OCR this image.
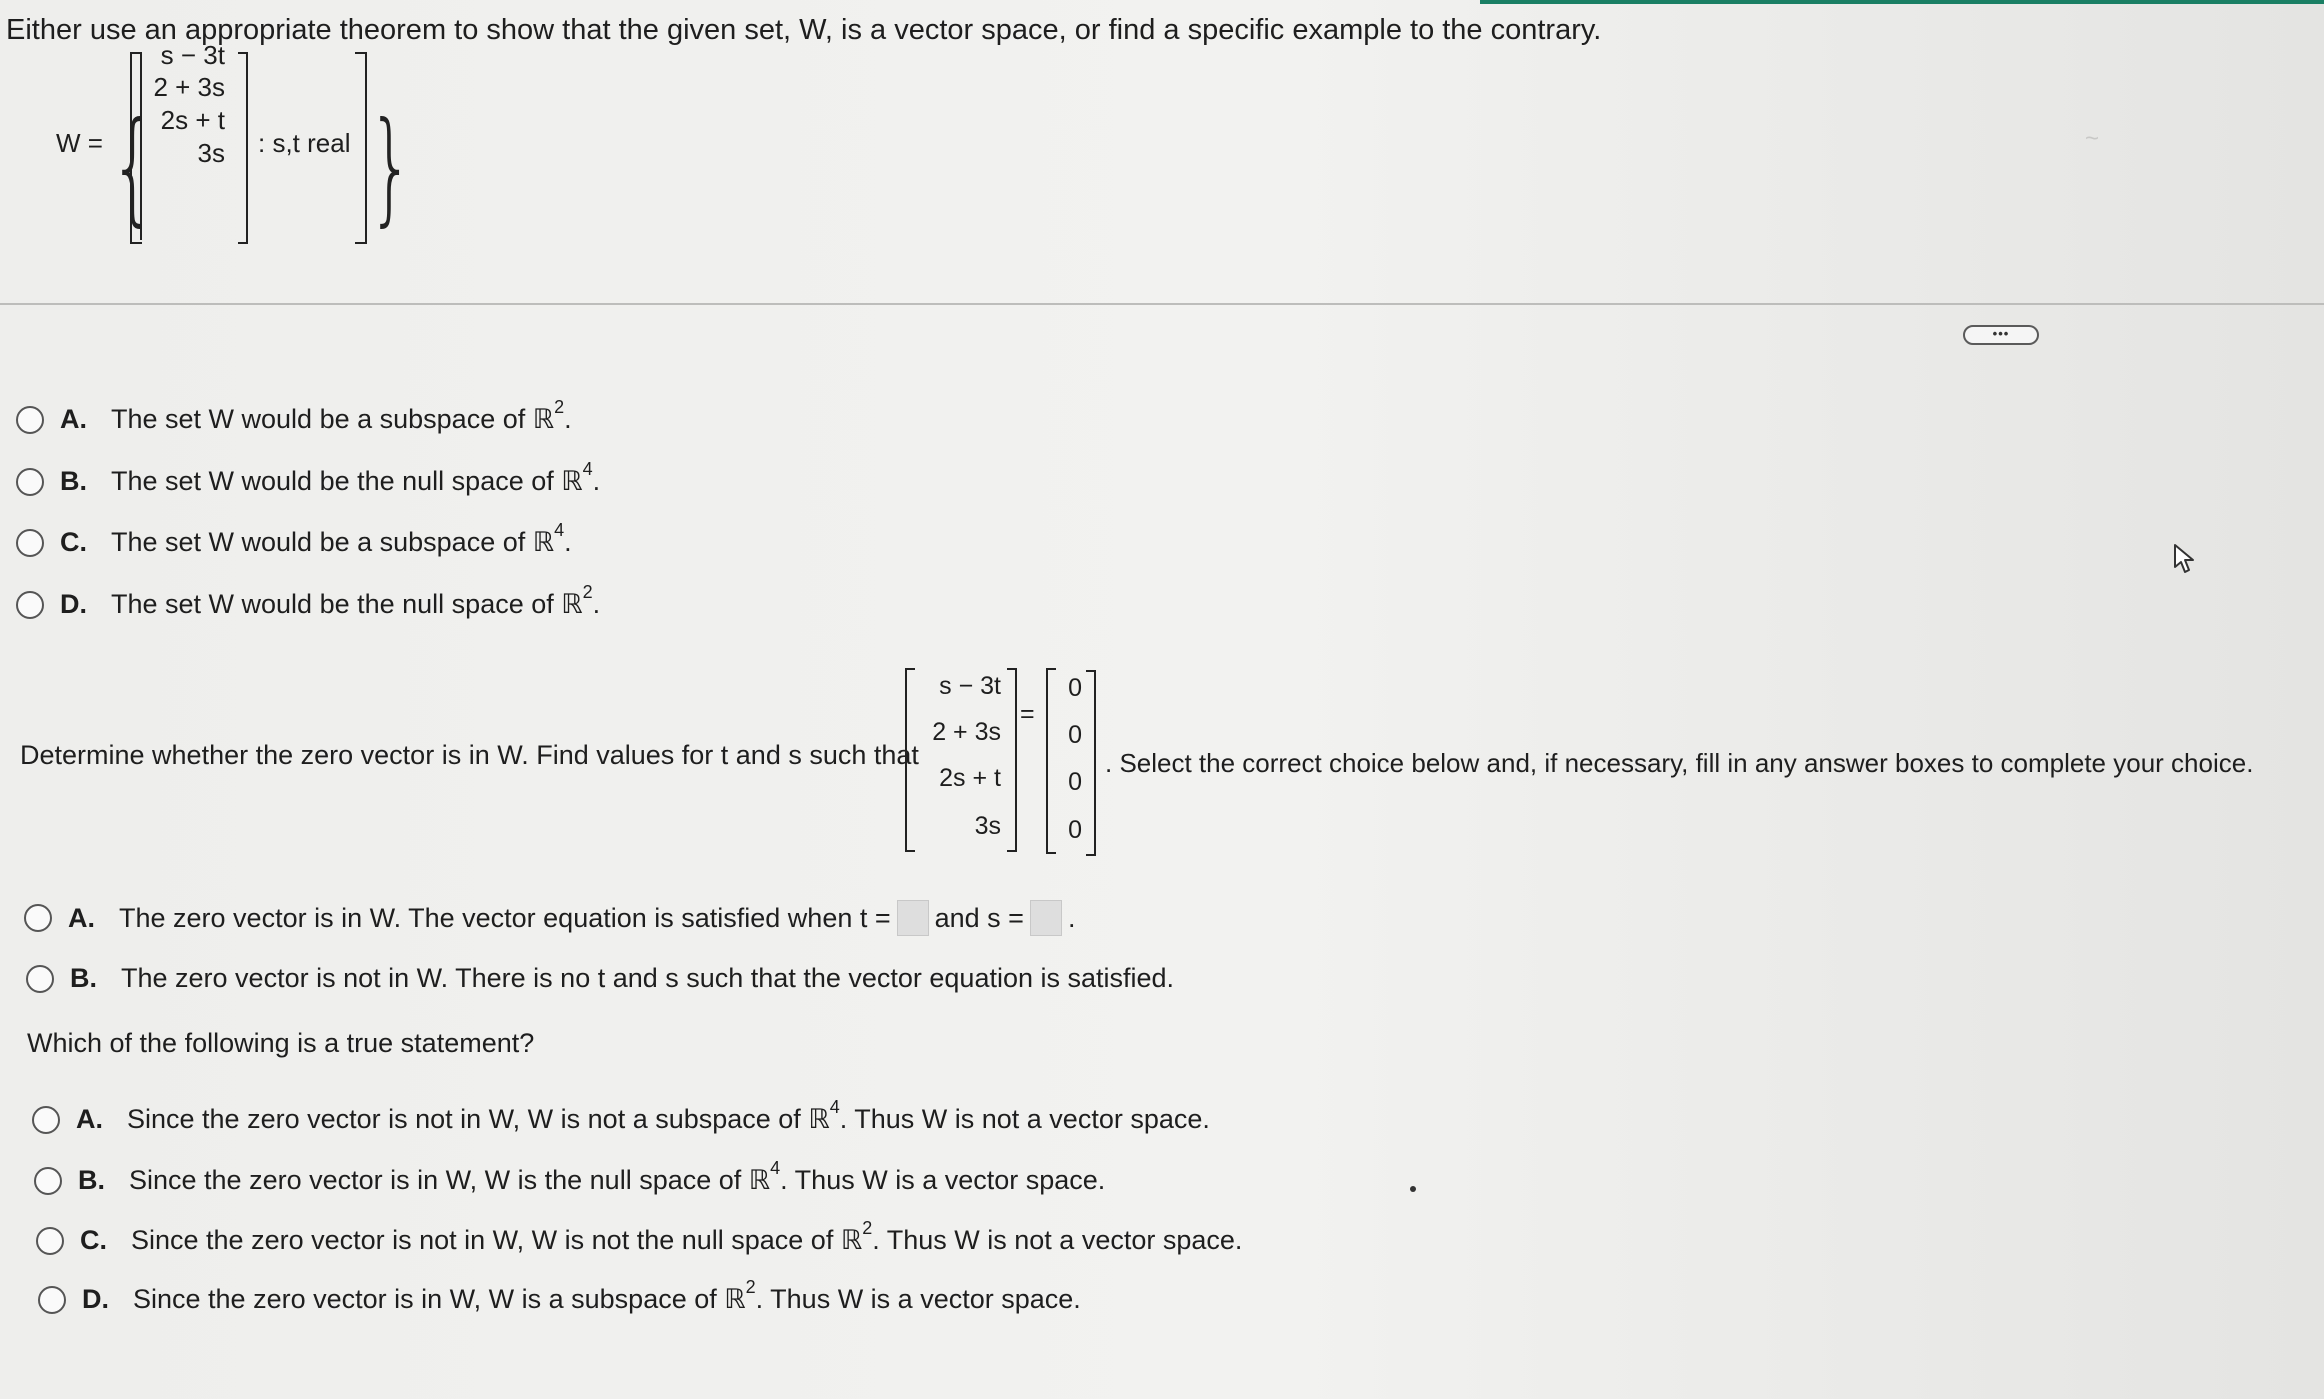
Either use an appropriate theorem to show that the given set, W, is a vector space, or find a specific example to the contrary.
W = {
s − 3t
2 + 3s
2s + t
3s : s,t real }	~
•••
A. The set W would be a subspace of ℝ 2 .
B. The set W would be the null space of ℝ 4 .
C. The set W would be a subspace of ℝ 4 .
D. The set W would be the null space of ℝ 2 .
Determine whether the zero vector is in W. Find values for t and s such that
s − 3t
2 + 3s
2s + t
3s
=
0
0
0
0
. Select the correct choice below and, if necessary, fill in any answer boxes to complete your choice.
A. The zero vector is in W. The vector equation is satisfied when t = and s = .
B. The zero vector is not in W. There is no t and s such that the vector equation is satisfied.
Which of the following is a true statement?
A. Since the zero vector is not in W, W is not a subspace of ℝ 4 . Thus W is not a vector space.
B. Since the zero vector is in W, W is the null space of ℝ 4 . Thus W is a vector space.
C. Since the zero vector is not in W, W is not the null space of ℝ 2 . Thus W is not a vector space.
D. Since the zero vector is in W, W is a subspace of ℝ 2 . Thus W is a vector space.
